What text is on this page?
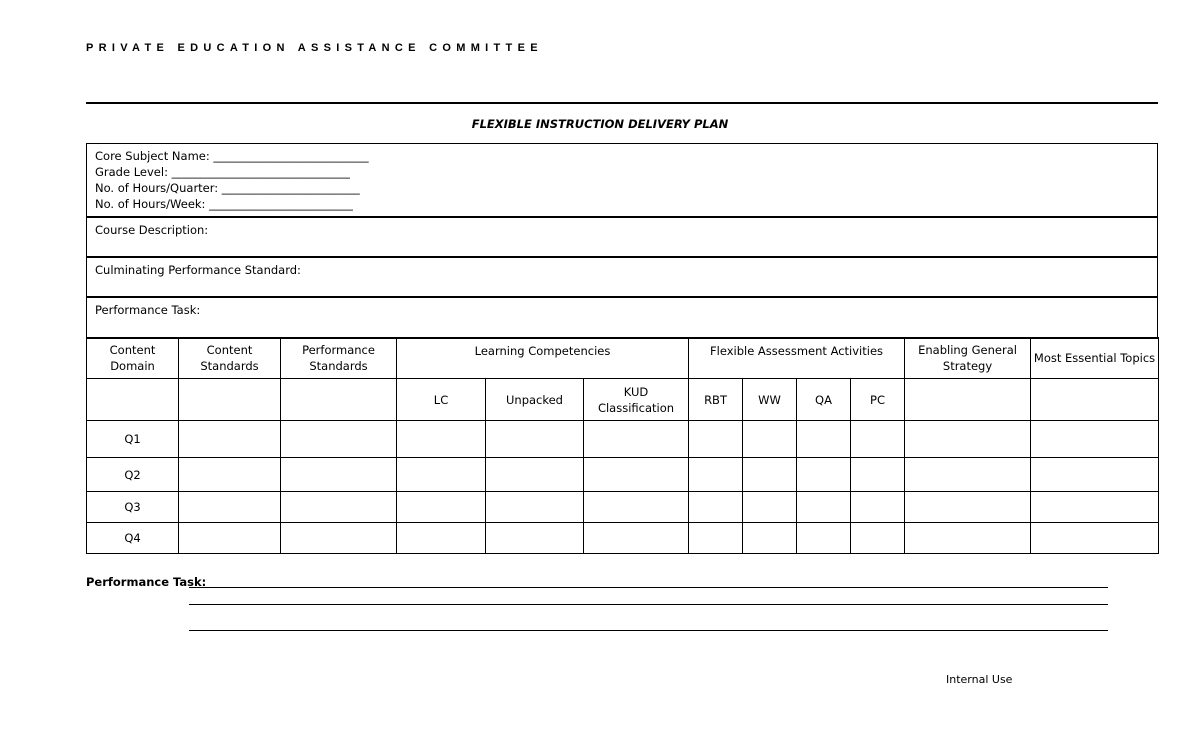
PRIVATE EDUCATION ASSISTANCE COMMITTEE
FLEXIBLE INSTRUCTION DELIVERY PLAN
Core Subject Name: ___________________________
Grade Level: _______________________________
No. of Hours/Quarter: ________________________
No. of Hours/Week: _________________________
Course Description:
Culminating Performance Standard:
Performance Task:
Content Domain	Content Standards	Performance Standards	Learning Competencies			Flexible Assessment Activities				Enabling General Strategy	Most Essential Topics
			LC	Unpacked	KUD Classification	RBT	WW	QA	PC		
Q1											
Q2											
Q3											
Q4											
Performance Task:
Internal Use
